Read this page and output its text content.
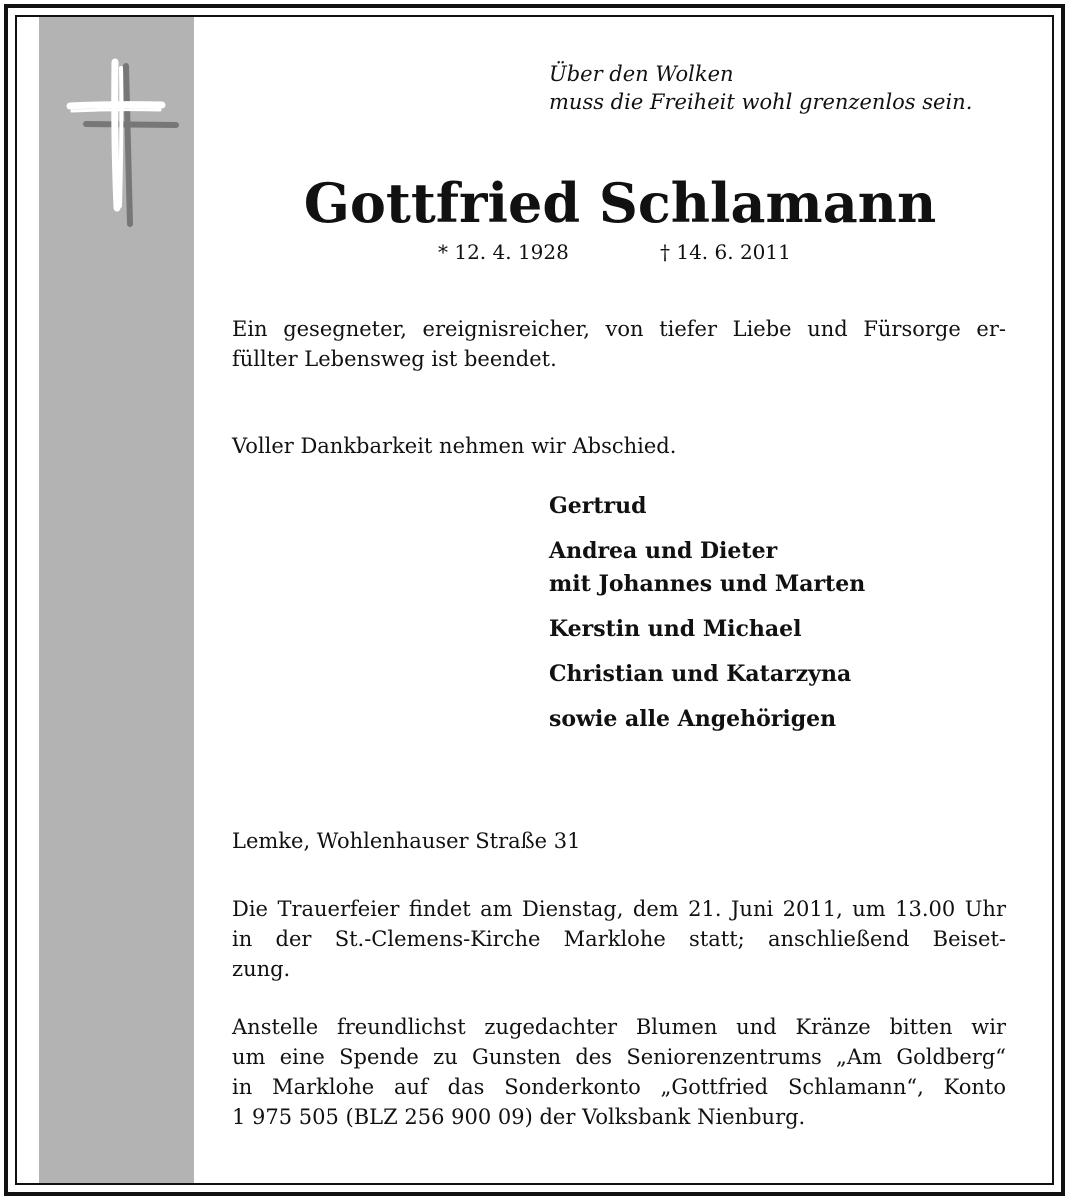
Über den Wolken
muss die Freiheit wohl grenzenlos sein.
Gottfried Schlamann
* 12. 4. 1928	† 14. 6. 2011
Ein gesegneter, ereignisreicher, von tiefer Liebe und Fürsorge er-
füllter Lebensweg ist beendet.
Voller Dankbarkeit nehmen wir Abschied.
Gertrud
Andrea und Dieter
mit Johannes und Marten
Kerstin und Michael
Christian und Katarzyna
sowie alle Angehörigen
Lemke, Wohlenhauser Straße 31
Die Trauerfeier findet am Dienstag, dem 21. Juni 2011, um 13.00 Uhr
in der St.-Clemens-Kirche Marklohe statt; anschließend Beiset-
zung.
Anstelle freundlichst zugedachter Blumen und Kränze bitten wir
um eine Spende zu Gunsten des Seniorenzentrums „Am Goldberg“
in Marklohe auf das Sonderkonto „Gottfried Schlamann“, Konto
1 975 505 (BLZ 256 900 09) der Volksbank Nienburg.
